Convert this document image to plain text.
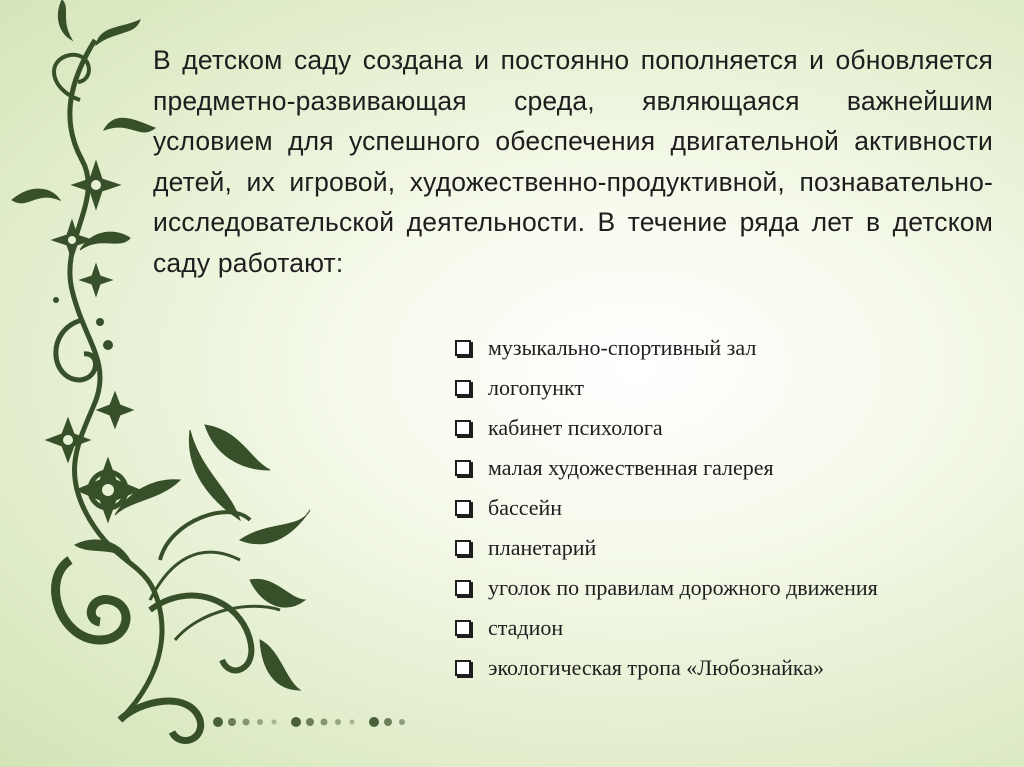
В детском саду создана и постоянно пополняется и обновляется предметно-развивающая среда, являющаяся важнейшим условием для успешного обеспечения двигательной активности детей, их игровой, художественно-продуктивной, познавательно-исследовательской деятельности. В течение ряда лет в детском саду работают:

музыкально-спортивный зал
логопункт
кабинет психолога
малая художественная галерея
бассейн
планетарий
уголок по правилам дорожного движения
стадион
экологическая тропа «Любознайка»
